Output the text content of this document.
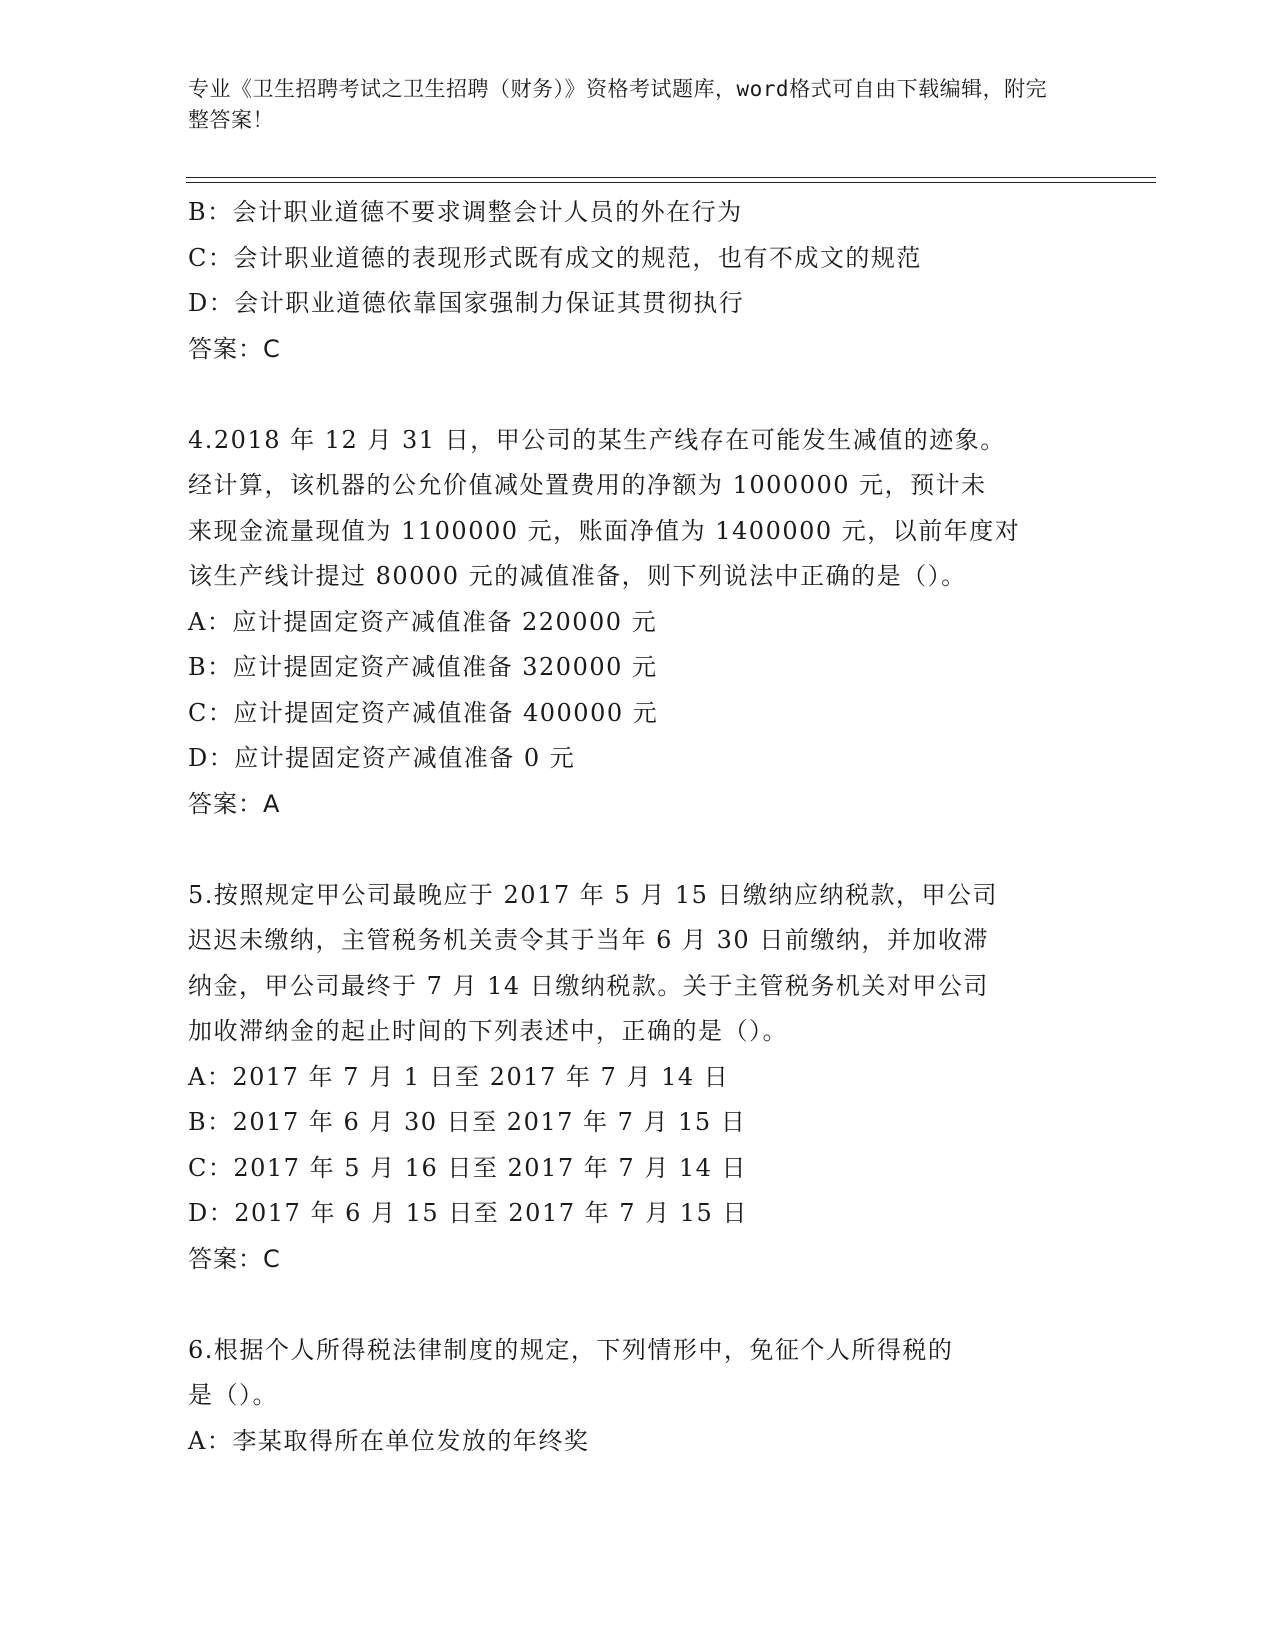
专业《卫生招聘考试之卫生招聘（财务）》资格考试题库，word格式可自由下载编辑，附完整答案！
B：会计职业道德不要求调整会计人员的外在行为
C：会计职业道德的表现形式既有成文的规范，也有不成文的规范
D：会计职业道德依靠国家强制力保证其贯彻执行
答案：C
4.2018 年 12 月 31 日，甲公司的某生产线存在可能发生减值的迹象。
经计算，该机器的公允价值减处置费用的净额为 1000000 元，预计未
来现金流量现值为 1100000 元，账面净值为 1400000 元，以前年度对
该生产线计提过 80000 元的减值准备，则下列说法中正确的是（）。
A：应计提固定资产减值准备 220000 元
B：应计提固定资产减值准备 320000 元
C：应计提固定资产减值准备 400000 元
D：应计提固定资产减值准备 0 元
答案：A
5.按照规定甲公司最晚应于 2017 年 5 月 15 日缴纳应纳税款，甲公司
迟迟未缴纳，主管税务机关责令其于当年 6 月 30 日前缴纳，并加收滞
纳金，甲公司最终于 7 月 14 日缴纳税款。关于主管税务机关对甲公司
加收滞纳金的起止时间的下列表述中，正确的是（）。
A：2017 年 7 月 1 日至 2017 年 7 月 14 日
B：2017 年 6 月 30 日至 2017 年 7 月 15 日
C：2017 年 5 月 16 日至 2017 年 7 月 14 日
D：2017 年 6 月 15 日至 2017 年 7 月 15 日
答案：C
6.根据个人所得税法律制度的规定，下列情形中，免征个人所得税的
是（）。
A：李某取得所在单位发放的年终奖
